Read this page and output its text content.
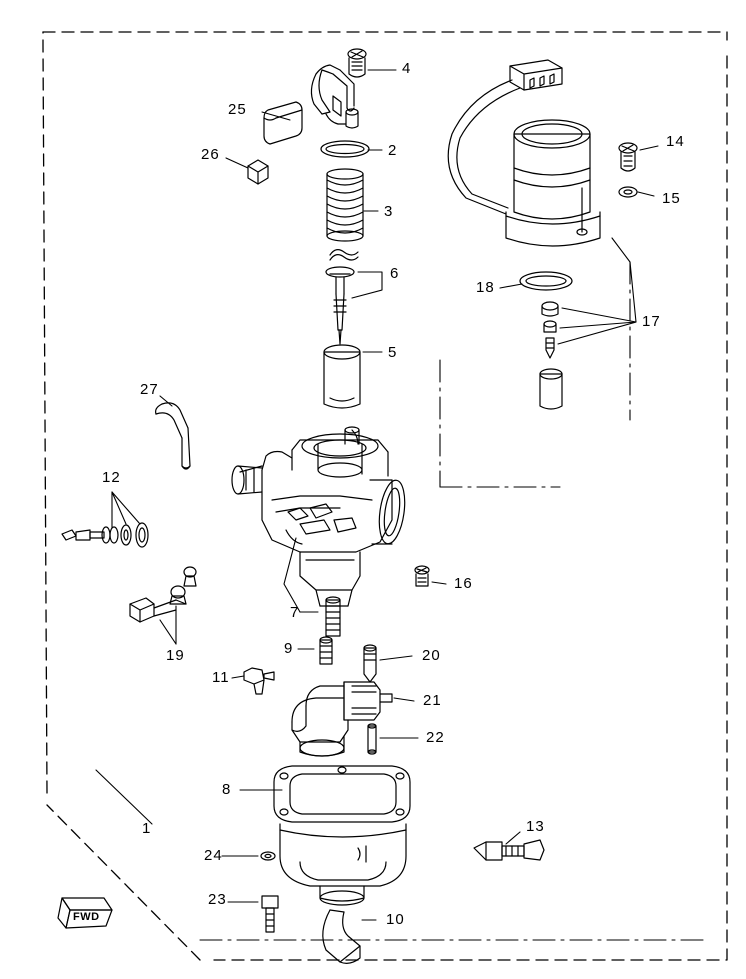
1
2
3
4
5
6
7
8
9
10
11
12
13
14
15
16
17
18
19	20
21
22
23
24
25
26
27
FWD
